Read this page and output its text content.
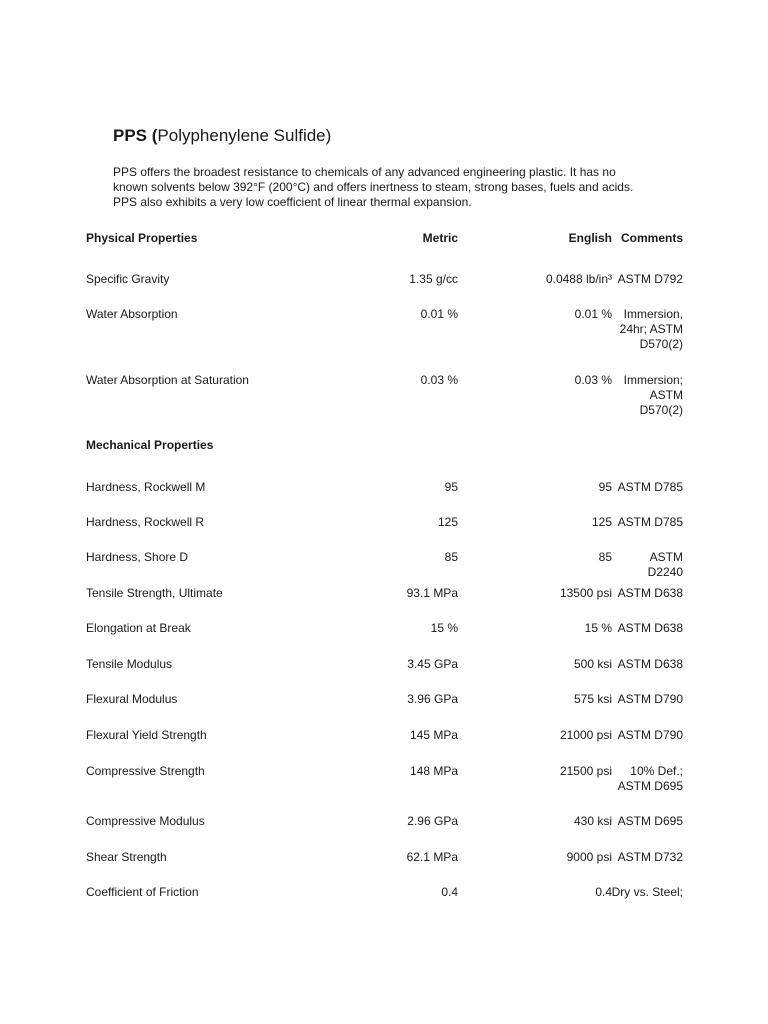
PPS (Polyphenylene Sulfide)
PPS offers the broadest resistance to chemicals of any advanced engineering plastic. It has no known solvents below 392°F (200°C) and offers inertness to steam, strong bases, fuels and acids. PPS also exhibits a very low coefficient of linear thermal expansion.
Physical Properties	Metric	English Comments
Specific Gravity	1.35 g/cc	0.0488 lb/in³ ASTM D792
Water Absorption	0.01 %	0.01 % Immersion, 24hr; ASTM D570(2)
Water Absorption at Saturation	0.03 %	0.03 % Immersion; ASTM D570(2)
Mechanical Properties
Hardness, Rockwell M	95	95 ASTM D785
Hardness, Rockwell R	125	125 ASTM D785
Hardness, Shore D	85	85	ASTM D2240
Tensile Strength, Ultimate	93.1 MPa	13500 psi ASTM D638
Elongation at Break	15 %	15 % ASTM D638
Tensile Modulus	3.45 GPa	500 ksi ASTM D638
Flexural Modulus	3.96 GPa	575 ksi ASTM D790
Flexural Yield Strength	145 MPa	21000 psi ASTM D790
Compressive Strength	148 MPa	21500 psi	10% Def.; ASTM D695
Compressive Modulus	2.96 GPa	430 ksi ASTM D695
Shear Strength	62.1 MPa	9000 psi ASTM D732
Coefficient of Friction	0.4	0.4 Dry vs. Steel;
